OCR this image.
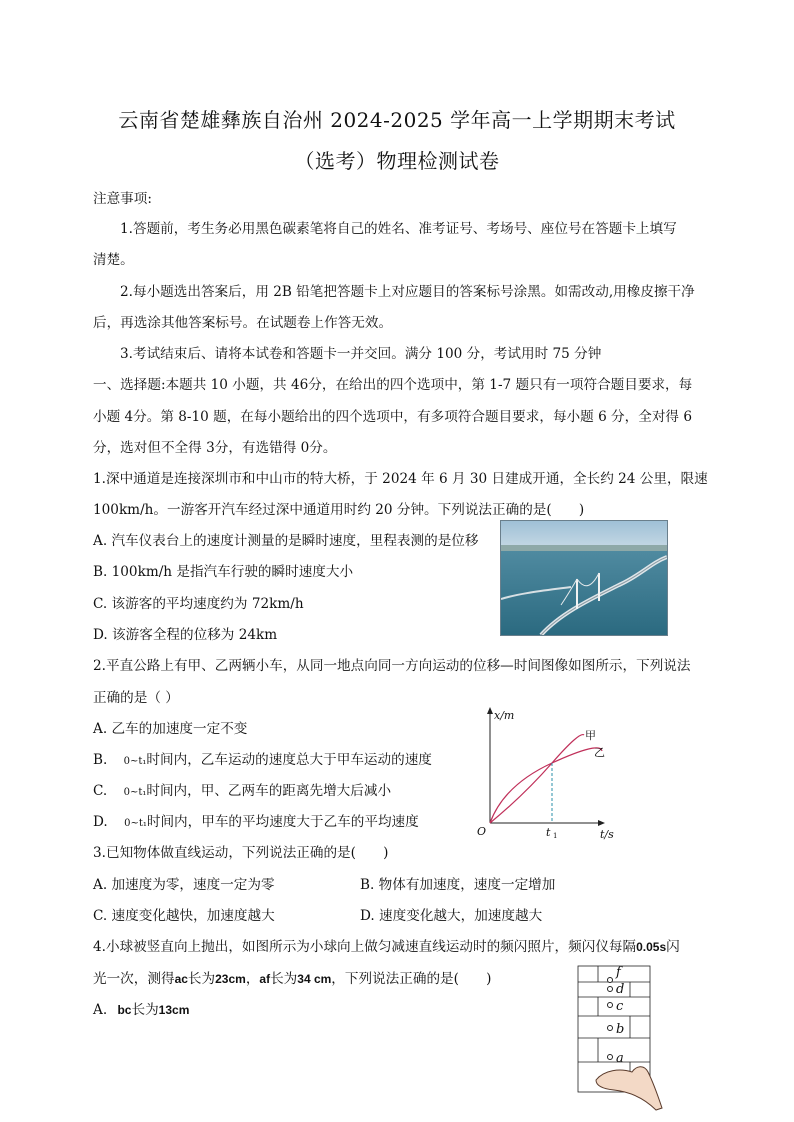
云南省楚雄彝族自治州 2024-2025 学年高一上学期期末考试
（选考）物理检测试卷
注意事项:
1.答题前，考生务必用黑色碳素笔将自己的姓名、准考证号、考场号、座位号在答题卡上填写
清楚。
2.每小题选出答案后，用 2B 铅笔把答题卡上对应题目的答案标号涂黑。如需改动,用橡皮擦干净
后，再选涂其他答案标号。在试题卷上作答无效。
3.考试结束后、请将本试卷和答题卡一并交回。满分 100 分，考试用时 75 分钟
一、选择题:本题共 10 小题，共 46分，在给出的四个选项中，第 1-7 题只有一项符合题目要求，每
小题 4分。第 8-10 题，在每小题给出的四个选项中，有多项符合题目要求，每小题 6 分，全对得 6
分，选对但不全得 3分，有选错得 0分。
1.深中通道是连接深圳市和中山市的特大桥，于 2024 年 6 月 30 日建成开通，全长约 24 公里，限速
100km/h。一游客开汽车经过深中通道用时约 20 分钟。下列说法正确的是(　　)
A. 汽车仪表台上的速度计测量的是瞬时速度，里程表测的是位移
B. 100km/h 是指汽车行驶的瞬时速度大小
C. 该游客的平均速度约为 72km/h
D. 该游客全程的位移为 24km
2.平直公路上有甲、乙两辆小车，从同一地点向同一方向运动的位移—时间图像如图所示，下列说法
正确的是（ ）
A. 乙车的加速度一定不变
B. 0~t₁时间内，乙车运动的速度总大于甲车运动的速度
C. 0~t₁时间内，甲、乙两车的距离先增大后减小
D. 0~t₁时间内，甲车的平均速度大于乙车的平均速度
x/m
t/s
O	t 1
甲
乙
3.已知物体做直线运动，下列说法正确的是(　　)
A. 加速度为零，速度一定为零	B. 物体有加速度，速度一定增加
C. 速度变化越快，加速度越大	D. 速度变化越大，加速度越大
4.小球被竖直向上抛出，如图所示为小球向上做匀减速直线运动时的频闪照片，频闪仪每隔0.05s闪
光一次，测得ac长为23cm，af长为34 cm，下列说法正确的是(　　)
A. bc长为13cm
f
d
c
b
a
